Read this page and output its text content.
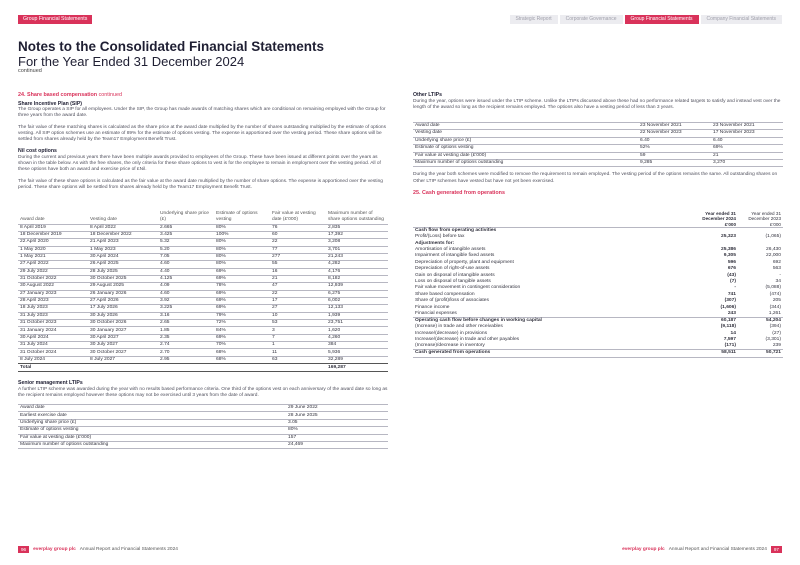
Group Financial Statements	Strategic Report	Corporate Governance	Group Financial Statements	Company Financial Statements
Notes to the Consolidated Financial Statements
For the Year Ended 31 December 2024
continued
24. Share based compensation continued
Share Incentive Plan (SIP)

The Group operates a SIP for all employees. Under the SIP, the Group has made awards of matching shares which are conditional on remaining employed with the Group for three years from the award date.

The fair value of these matching shares is calculated as the share price at the award date multiplied by the number of shares outstanding multiplied by the estimate of options vesting. All SIP option schemes use an estimate of 89% for the estimate of options vesting. The expense is apportioned over the vesting period. These share options will be settled from shares already held by the Team17 Employment Benefit Trust.

Nil cost options

During the current and previous years there have been multiple awards provided to employees of the Group. These have been issued at different points over the years as shown in the table below. As with the free shares, the only criteria for these share options to vest is for the employee to remain in employment over the vesting period. All of these options have both an award and exercise price of £Nil.

The fair value of these share options is calculated as the fair value at the award date multiplied by the number of share options. The expense is apportioned over the vesting period. These share options will be settled from shares already held by the Team17 Employment Benefit Trust.

Award date	Vesting date	Underlying share price (£)	Estimate of options vesting	Fair value at vesting date (£'000)	Maximum number of share options outstanding
8 April 2019	8 April 2022	2.665	80%	76	2,835
18 December 2019	18 December 2022	3.425	100%	60	17,392
22 April 2020	21 April 2023	5.32	80%	22	3,208
1 May 2020	1 May 2023	5.20	80%	77	3,701
1 May 2021	30 April 2024	7.05	80%	277	21,243
27 April 2022	26 April 2025	4.60	80%	55	4,282
29 July 2022	28 July 2025	4.40	69%	16	4,176
31 October 2022	30 October 2025	4.125	69%	21	8,182
30 August 2022	29 August 2025	4.09	78%	47	12,939
27 January 2023	26 January 2026	4.60	69%	22	6,275
28 April 2023	27 April 2026	3.92	69%	17	6,002
18 July 2023	17 July 2026	3.225	69%	27	12,133
31 July 2023	30 July 2026	3.16	79%	10	1,939
31 October 2023	30 October 2026	2.65	72%	53	23,751
31 January 2024	30 January 2027	1.85	84%	3	1,620
30 April 2024	30 April 2027	2.35	69%	7	4,260
31 July 2024	30 July 2027	2.74	70%	1	384
31 October 2024	30 October 2027	2.70	68%	11	5,936
8 July 2024	8 July 2027	2.95	68%	63	32,289
Total					169,287
Senior management LTIPs

A further LTIP scheme was awarded during the year with no results based performance criteria. One third of the options vest on each anniversary of the award date so long as the recipient remains employed however these options may not be exercised until 3 years from the date of award.

Award date	29 June 2022
Earliest exercise date	28 June 2025
Underlying share price (£)	3.05
Estimate of options vesting	80%
Fair value at vesting date (£'000)	157
Maximum number of options outstanding	24,469
Other LTIPs

During the year, options were issued under the LTIP scheme. Unlike the LTIPs discussed above these had no performance related targets to satisfy and instead vest over the length of the award so long as the recipient remains employed. The options also have a vesting period of less than 3 years.

Award date	23 November 2021	23 November 2021
Vesting date	22 November 2023	17 November 2023
Underlying share price (£)	6.40	6.40
Estimate of options vesting	52%	69%
Fair value at vesting date (£'000)	59	21
Maximum number of options outstanding	9,285	3,270

During the year both schemes were modified to remove the requirement to remain employed. The vesting period of the options remains the same. All outstanding shares on Other LTIP schemes have vested but have not yet been exercised.

25. Cash generated from operations
	Year ended 31 December 2024 £'000	Year ended 31 December 2023 £'000
Cash flow from operating activities		
Profit/(Loss) before tax	25,323	(1,065)
Adjustments for:		
Amortisation of intangible assets	25,386	26,430
Impairment of intangible fixed assets	9,305	22,000
Depreciation of property, plant and equipment	596	692
Depreciation of right-of-use assets	676	563
Gain on disposal of intangible assets	(43)	-
Loss on disposal of tangible assets	(7)	34
Fair value movement in contingent consideration	-	(5,088)
Share based compensation	741	(474)
Share of (profit)/loss of associates	(307)	205
Finance income	(1,606)	(344)
Financial expenses	243	1,261
Operating cash flow before changes in working capital	60,187	54,204
(Increase) in trade and other receivables	(9,118)	(394)
Increase/(decrease) in provisions	14	(27)
Increase/(decrease) in trade and other payables	7,597	(3,301)
(Increase)/decrease in inventory	(171)	239
Cash generated from operations	58,511	50,721
96	everplay group plc Annual Report and Financial Statements 2024	everplay group plc Annual Report and Financial Statements 2024	97
